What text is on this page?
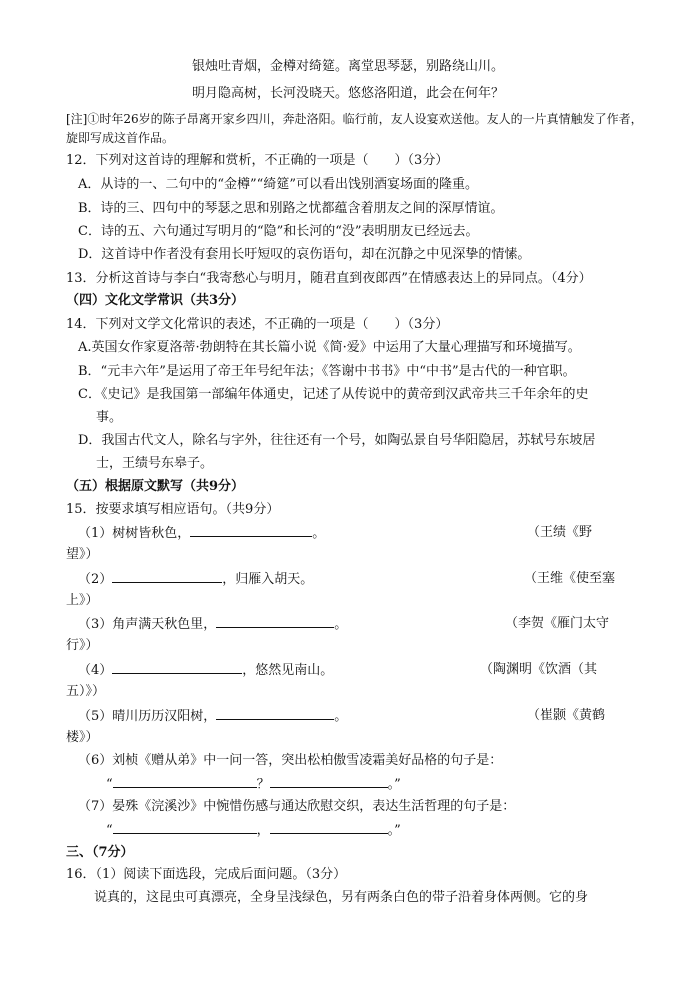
银烛吐青烟，金樽对绮筵。离堂思琴瑟，别路绕山川。
明月隐高树，长河没晓天。悠悠洛阳道，此会在何年？
[注]①时年26岁的陈子昂离开家乡四川，奔赴洛阳。临行前，友人设宴欢送他。友人的一片真情触发了作者，
旋即写成这首作品。
12．下列对这首诗的理解和赏析，不正确的一项是（　　）（3分）
A．从诗的一、二句中的“金樽”“绮筵”可以看出饯别酒宴场面的隆重。
B．诗的三、四句中的琴瑟之思和别路之忧都蕴含着朋友之间的深厚情谊。
C．诗的五、六句通过写明月的“隐”和长河的“没”表明朋友已经远去。
D．这首诗中作者没有套用长吁短叹的哀伤语句，却在沉静之中见深挚的情愫。
13．分析这首诗与李白“我寄愁心与明月，随君直到夜郎西”在情感表达上的异同点。（4分）
（四）文化文学常识（共3分）
14．下列对文学文化常识的表述，不正确的一项是（　　）（3分）
A.英国女作家夏洛蒂·勃朗特在其长篇小说《简·爱》中运用了大量心理描写和环境描写。
B．“元丰六年”是运用了帝王年号纪年法；《答谢中书书》中“中书”是古代的一种官职。
C．《史记》是我国第一部编年体通史，记述了从传说中的黄帝到汉武帝共三千年余年的史
事。
D．我国古代文人，除名与字外，往往还有一个号，如陶弘景自号华阳隐居，苏轼号东坡居
士，王绩号东皋子。
（五）根据原文默写（共9分）
15．按要求填写相应语句。（共9分）
（1）树树皆秋色，	。	（王绩《野
望》）
（2）	，归雁入胡天。	（王维《使至塞
上》）
（3）角声满天秋色里，	。	（李贺《雁门太守
行》）
（4）	，悠然见南山。	（陶渊明《饮酒（其
五）》）
（5）晴川历历汉阳树，	。	（崔颢《黄鹤
楼》）
（6）刘桢《赠从弟》中一问一答，突出松柏傲雪凌霜美好品格的句子是：
“	？	。”
（7）晏殊《浣溪沙》中惋惜伤感与通达欣慰交织，表达生活哲理的句子是：
“	，	。”
三、（7分）
16．（1）阅读下面选段，完成后面问题。（3分）
说真的，这昆虫可真漂亮，全身呈浅绿色，另有两条白色的带子沿着身体两侧。它的身
